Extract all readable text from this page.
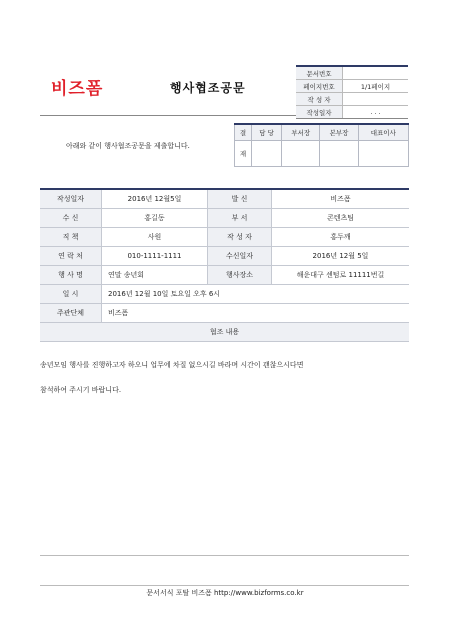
비즈폼	행사협조공문
문서번호	
페이지번호	1/1페이지
작 성 자	
작성일자	. . .
아래와 같이 행사협조공문을 제출합니다.
결	담 당	부서장	본부장	대표이사
재				
작성일자	2016년 12월5일	발 신	비즈폼
수 신	홍길동	부 서	콘텐츠팀
직 책	사원	작 성 자	홍두깨
연 락 처	010-1111-1111	수신일자	2016년 12월 5일
행 사 명	연말 송년회	행사장소	해운대구 센텀로 11111번길
일 시	2016년 12월 10일 토요일 오후 6시		
주관단체	비즈폼		
협조 내용			
송년모임 행사를 진행하고자 하오니 업무에 차질 없으시길 바라며 시간이 괜찮으시다면
참석하여 주시기 바랍니다.
문서서식 포탈 비즈폼 http://www.bizforms.co.kr
